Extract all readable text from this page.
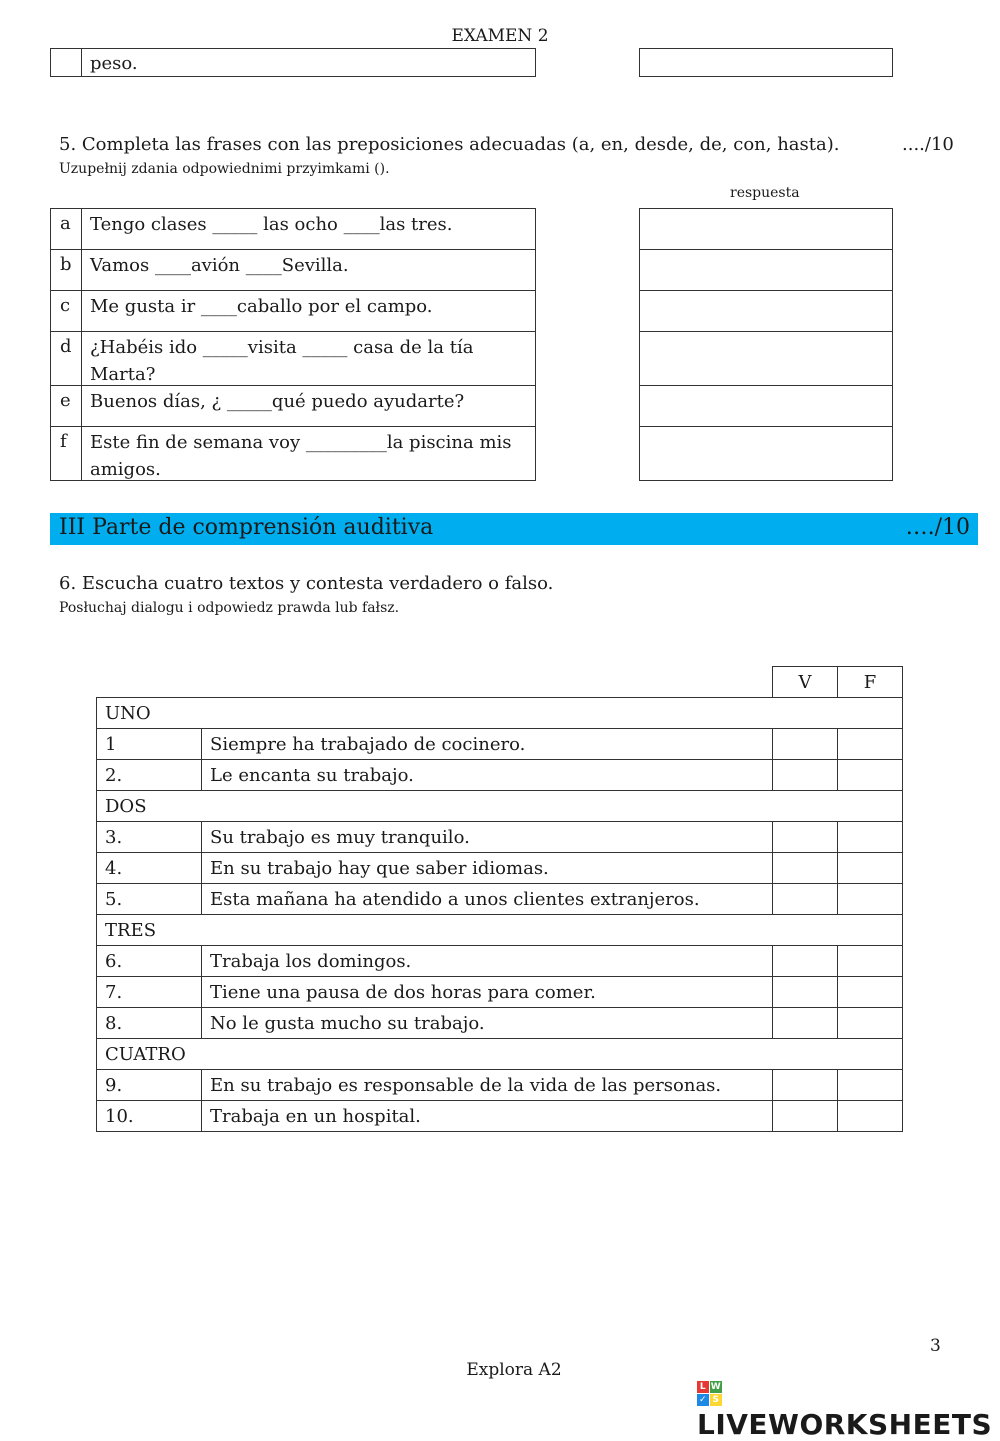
EXAMEN 2
peso.
5. Completa las frases con las preposiciones adecuadas (a, en, desde, de, con, hasta).	..../10
Uzupełnij zdania odpowiednimi przyimkami ().
respuesta
a	Tengo clases _____ las ocho ____las tres.
b	Vamos ____avión ____Sevilla.
c	Me gusta ir ____caballo por el campo.
d	¿Habéis ido _____visita _____ casa de la tía Marta?
e	Buenos días, ¿ _____qué puedo ayudarte?
f	Este fin de semana voy _________la piscina mis amigos.
III Parte de comprensión auditiva	…./10
6. Escucha cuatro textos y contesta verdadero o falso.
Posłuchaj dialogu i odpowiedz prawda lub fałsz.
		V	F
UNO			
1	Siempre ha trabajado de cocinero.		
2.	Le encanta su trabajo.		
DOS			
3.	Su trabajo es muy tranquilo.		
4.	En su trabajo hay que saber idiomas.		
5.	Esta mañana ha atendido a unos clientes extranjeros.		
TRES			
6.	Trabaja los domingos.		
7.	Tiene una pausa de dos horas para comer.		
8.	No le gusta mucho su trabajo.		
CUATRO			
9.	En su trabajo es responsable de la vida de las personas.		
10.	Trabaja en un hospital.		
3
Explora A2
L W
✓ S
LIVEWORKSHEETS
